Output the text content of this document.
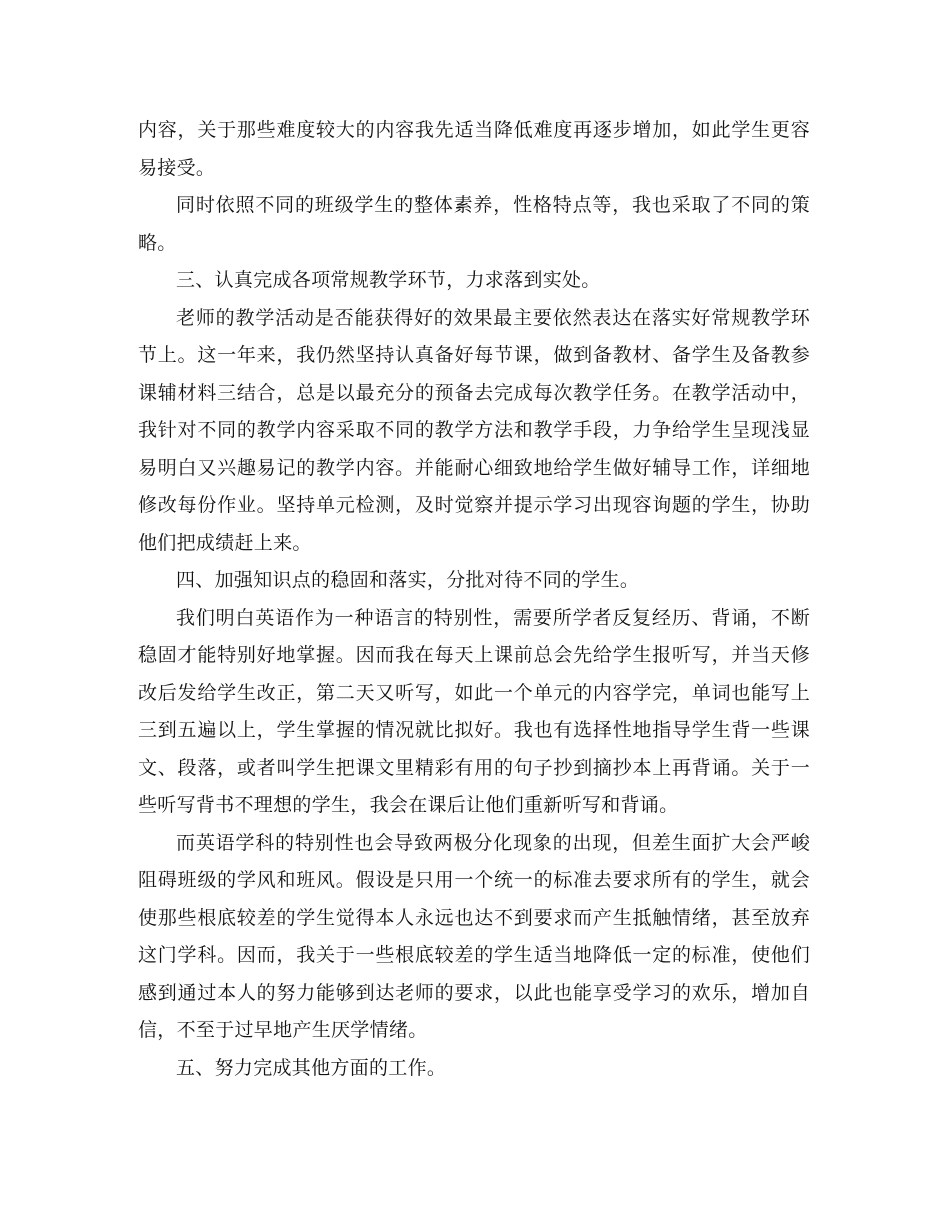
内容，关于那些难度较大的内容我先适当降低难度再逐步增加，如此学生更容易接受。

同时依照不同的班级学生的整体素养，性格特点等，我也采取了不同的策略。

三、认真完成各项常规教学环节，力求落到实处。

老师的教学活动是否能获得好的效果最主要依然表达在落实好常规教学环节上。这一年来，我仍然坚持认真备好每节课，做到备教材、备学生及备教参课辅材料三结合，总是以最充分的预备去完成每次教学任务。在教学活动中，我针对不同的教学内容采取不同的教学方法和教学手段，力争给学生呈现浅显易明白又兴趣易记的教学内容。并能耐心细致地给学生做好辅导工作，详细地修改每份作业。坚持单元检测，及时觉察并提示学习出现容询题的学生，协助他们把成绩赶上来。

四、加强知识点的稳固和落实，分批对待不同的学生。

我们明白英语作为一种语言的特别性，需要所学者反复经历、背诵，不断稳固才能特别好地掌握。因而我在每天上课前总会先给学生报听写，并当天修改后发给学生改正，第二天又听写，如此一个单元的内容学完，单词也能写上三到五遍以上，学生掌握的情况就比拟好。我也有选择性地指导学生背一些课文、段落，或者叫学生把课文里精彩有用的句子抄到摘抄本上再背诵。关于一些听写背书不理想的学生，我会在课后让他们重新听写和背诵。

而英语学科的特别性也会导致两极分化现象的出现，但差生面扩大会严峻阻碍班级的学风和班风。假设是只用一个统一的标准去要求所有的学生，就会使那些根底较差的学生觉得本人永远也达不到要求而产生抵触情绪，甚至放弃这门学科。因而，我关于一些根底较差的学生适当地降低一定的标准，使他们感到通过本人的努力能够到达老师的要求，以此也能享受学习的欢乐，增加自信，不至于过早地产生厌学情绪。

五、努力完成其他方面的工作。
